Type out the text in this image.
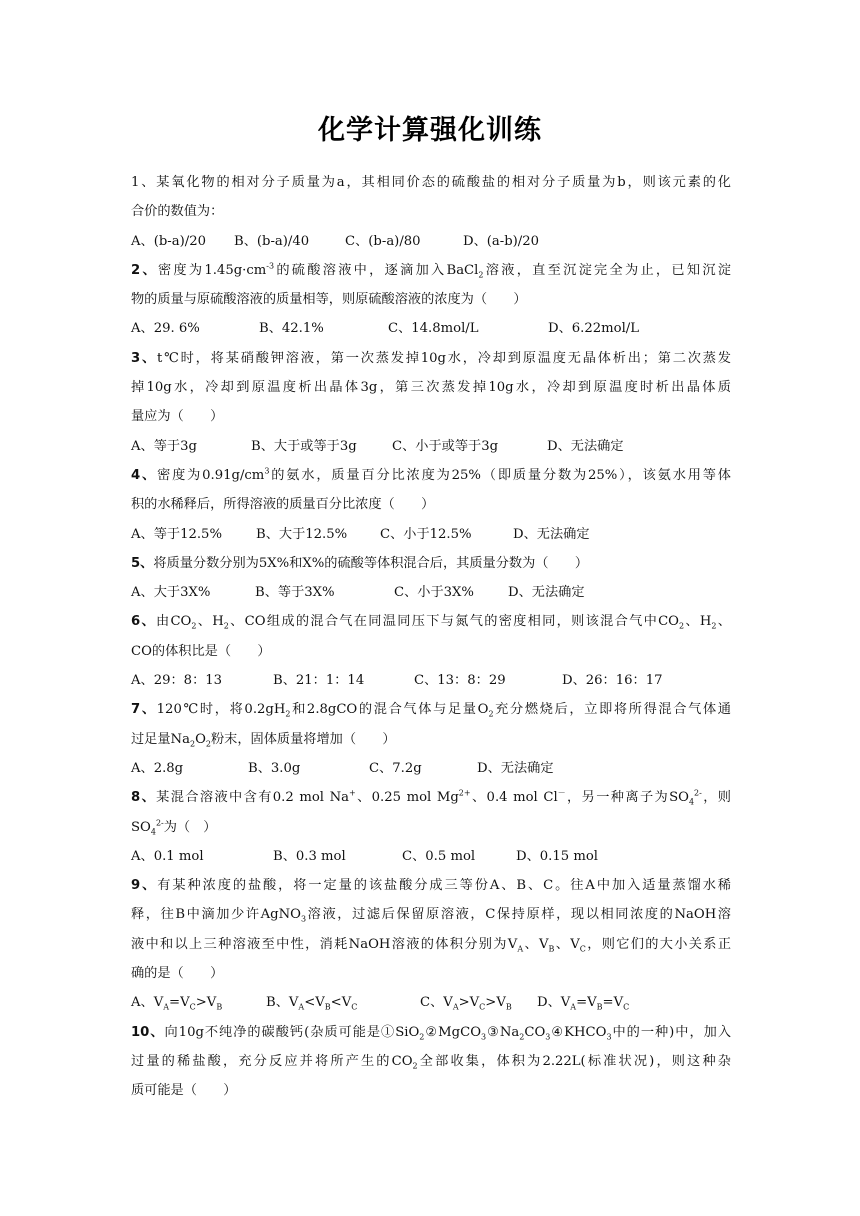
化学计算强化训练
1、某氧化物的相对分子质量为a，其相同价态的硫酸盐的相对分子质量为b，则该元素的化
合价的数值为：
A、(b-a)/20	B、(b-a)/40	C、(b-a)/80	D、(a-b)/20
2、密度为$1.45g\cdot cm^{-3}$的硫酸溶液中，逐滴加入BaCl$_2$溶液，直至沉淀完全为止，已知沉淀
物的质量与原硫酸溶液的质量相等，则原硫酸溶液的浓度为（　　）
A、29. 6%	B、42.1%	C、14.8mol/L	D、6.22mol/L
3、t℃时，将某硝酸钾溶液，第一次蒸发掉10g水，冷却到原温度无晶体析出；第二次蒸发
掉10g水，冷却到原温度析出晶体3g，第三次蒸发掉10g水，冷却到原温度时析出晶体质
量应为（　　）
A、等于3g	B、大于或等于3g	C、小于或等于3g	D、无法确定
4、密度为$0.91g/cm^3$的氨水，质量百分比浓度为25%（即质量分数为25%），该氨水用等体
积的水稀释后，所得溶液的质量百分比浓度（　　）
A、等于12.5%	B、大于12.5%	C、小于12.5%	D、无法确定
5、将质量分数分别为5X%和X%的硫酸等体积混合后，其质量分数为（　　）
A、大于3X%	B、等于3X%	C、小于3X%	D、无法确定
6、由$CO_2$、$H_2$、CO组成的混合气在同温同压下与氮气的密度相同，则该混合气中$CO_2$、$H_2$、
CO的体积比是（　　）
A、29：8：13	B、21：1：14	C、13：8：29	D、26：16：17
7、120℃时，将$0.2gH_2$和2.8gCO的混合气体与足量$O_2$充分燃烧后，立即将所得混合气体通
过足量$Na_2O_2$粉末，固体质量将增加（　　）
A、2.8g	B、3.0g	C、7.2g	D、无法确定
8、某混合溶液中含有0.2 mol Na+、0.25 mol $Mg^{2+}$、0.4 mol Cl－，另一种离子为$SO_4^{2-}$，则
$SO_4^{2-}$为（　）
A、0.1 mol	B、0.3 mol	C、0.5 mol	D、0.15 mol
9、有某种浓度的盐酸，将一定量的该盐酸分成三等份A、B、C。往A中加入适量蒸馏水稀
释，往B中滴加少许AgNO$_3$溶液，过滤后保留原溶液，C保持原样，现以相同浓度的NaOH溶
液中和以上三种溶液至中性，消耗NaOH溶液的体积分别为$V_A$、$V_B$、$V_C$，则它们的大小关系正
确的是（　　）
A、$V_A=V_C>V_B$	B、$V_A<V_B<V_C$	C、$V_A>V_C>V_B$	D、$V_A=V_B=V_C$
10、向10g不纯净的碳酸钙(杂质可能是$①SiO_2②MgCO_3③Na_2CO_3④KHCO_3$中的一种)中，加入
过量的稀盐酸，充分反应并将所产生的$CO_2$全部收集，体积为2.22L(标准状况)，则这种杂
质可能是（　　）
